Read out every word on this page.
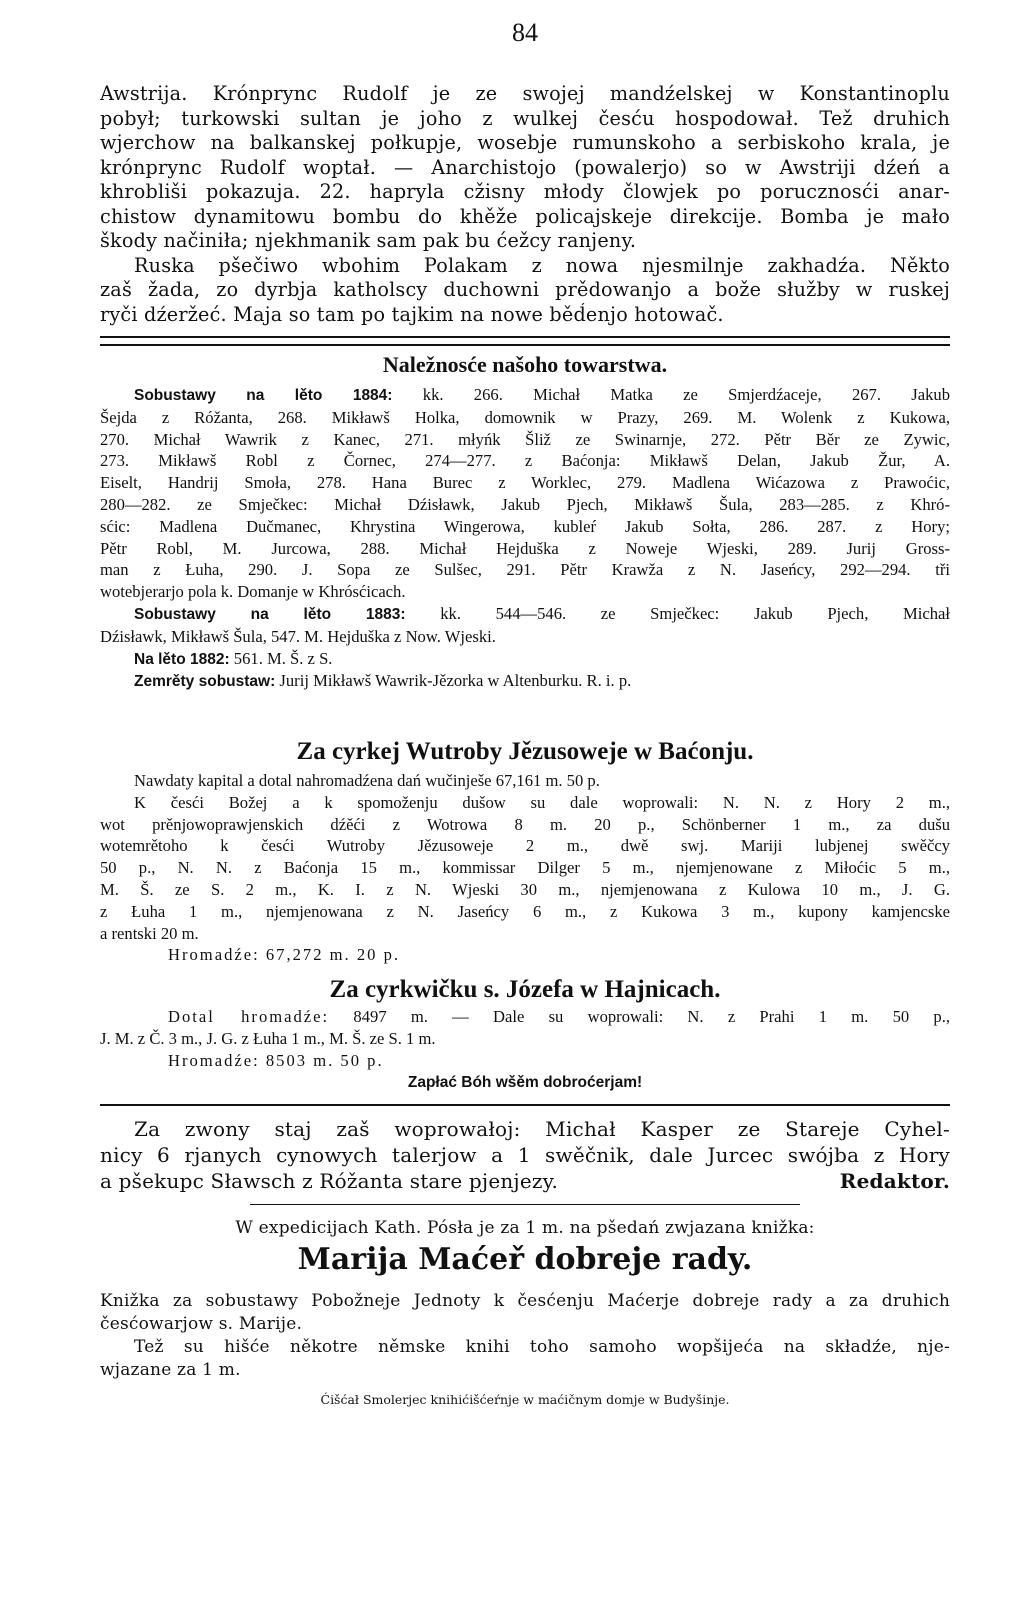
84
Awstrija. Krónprync Rudolf je ze swojej mandźelskej w Konstantinoplu
pobył; turkowski sultan je joho z wulkej česću hospodował. Tež druhich
wjerchow na balkanskej połkupje, wosebje rumunskoho a serbiskoho krala, je
krónprync Rudolf woptał. — Anarchistojo (powalerjo) so w Awstriji dźeń a
khrobliši pokazuja. 22. hapryla cžisny młody člowjek po porucznosći anar-
chistow dynamitowu bombu do khěže policajskeje direkcije. Bomba je mało
škody načiniła; njekhmanik sam pak bu ćežcy ranjeny.
Ruska pšečiwo wbohim Polakam z nowa njesmilnje zakhadźa. Někto
zaš žada, zo dyrbja katholscy duchowni prědowanjo a bože słužby w ruskej
ryči dźeržeć. Maja so tam po tajkim na nowe běd́enjo hotowač.
Naležnosće našoho towarstwa.
Sobustawy na lěto 1884: kk. 266. Michał Matka ze Smjerdźaceje, 267. Jakub
Šejda z Róžanta, 268. Mikławš Holka, domownik w Prazy, 269. M. Wolenk z Kukowa,
270. Michał Wawrik z Kanec, 271. młyńk Šliž ze Swinarnje, 272. Pětr Běr ze Zywic,
273. Mikławš Robl z Čornec, 274—277. z Baćonja: Mikławš Delan, Jakub Žur, A.
Eiselt, Handrij Smoła, 278. Hana Burec z Worklec, 279. Madlena Wićazowa z Prawoćic,
280—282. ze Smječkec: Michał Dźisławk, Jakub Pjech, Mikławš Šula, 283—285. z Khró-
sćic: Madlena Dučmanec, Khrystina Wingerowa, kubleŕ Jakub Sołta, 286. 287. z Hory;
Pětr Robl, M. Jurcowa, 288. Michał Hejduška z Noweje Wjeski, 289. Jurij Gross-
man z Łuha, 290. J. Sopa ze Sulšec, 291. Pětr Krawža z N. Jaseńcy, 292—294. tři
wotebjerarjo pola k. Domanje w Khrósćicach.
Sobustawy na lěto 1883: kk. 544—546. ze Smječkec: Jakub Pjech, Michał
Dźisławk, Mikławš Šula, 547. M. Hejduška z Now. Wjeski.
Na lěto 1882: 561. M. Š. z S.
Zemrěty sobustaw: Jurij Mikławš Wawrik-Jězorka w Altenburku. R. i. p.
Za cyrkej Wutroby Jězusoweje w Baćonju.
Nawdaty kapital a dotal nahromadźena dań wučinješe 67,161 m. 50 p.
K česći Božej a k spomoženju dušow su dale woprowali: N. N. z Hory 2 m.,
wot prěnjowoprawjenskich dźěći z Wotrowa 8 m. 20 p., Schönberner 1 m., za dušu
wotemrětoho k česći Wutroby Jězusoweje 2 m., dwě swj. Mariji lubjenej swěčcy
50 p., N. N. z Baćonja 15 m., kommissar Dilger 5 m., njemjenowane z Miłoćic 5 m.,
M. Š. ze S. 2 m., K. I. z N. Wjeski 30 m., njemjenowana z Kulowa 10 m., J. G.
z Łuha 1 m., njemjenowana z N. Jaseńcy 6 m., z Kukowa 3 m., kupony kamjencske
a rentski 20 m.
Hromadźe: 67,272 m. 20 p.
Za cyrkwičku s. Józefa w Hajnicach.
Dotal hromadźe: 8497 m. — Dale su woprowali: N. z Prahi 1 m. 50 p.,
J. M. z Č. 3 m., J. G. z Łuha 1 m., M. Š. ze S. 1 m.
Hromadźe: 8503 m. 50 p.
Zapłać Bóh wšěm dobroćerjam!
Za zwony staj zaš woprowałoj: Michał Kasper ze Stareje Cyhel-
nicy 6 rjanych cynowych talerjow a 1 swěčnik, dale Jurcec swójba z Hory
a pšekupc Sławsch z Róžanta stare pjenjezy.	Redaktor.
W expedicijach Kath. Pósła je za 1 m. na pšedań zwjazana knižka:
Marija Maćeř dobreje rady.
Knižka za sobustawy Pobožneje Jednoty k česćenju Maćerje dobreje rady a za druhich
česćowarjow s. Marije.
Tež su hišće někotre němske knihi toho samoho wopšijeća na składźe, nje-
wjazane za 1 m.
Ćišćał Smolerjec knihićišćeŕnje w maćičnym domje w Budyšinje.
